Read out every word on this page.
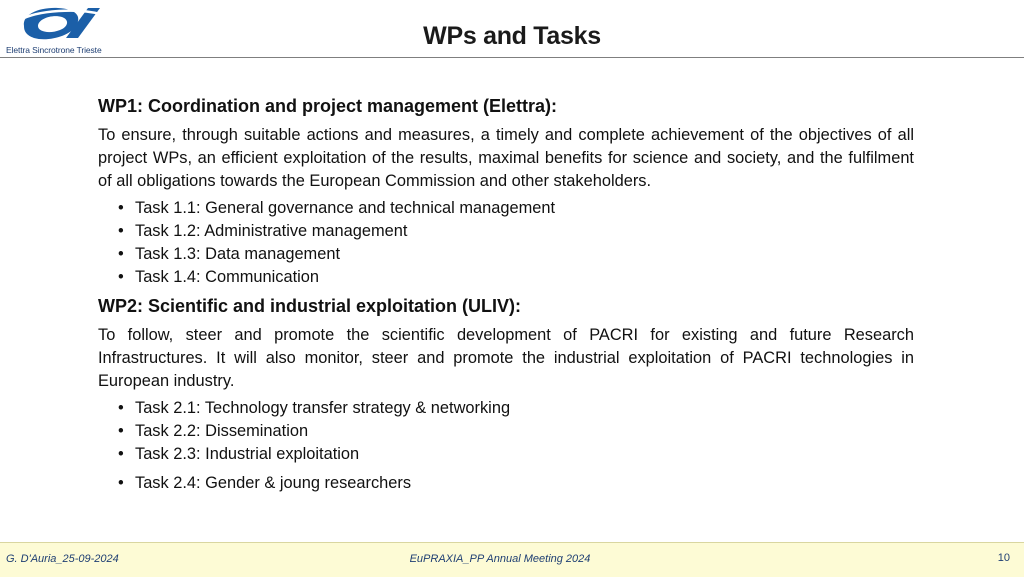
Elettra Sincrotrone Trieste	WPs and Tasks
WP1: Coordination and project management (Elettra):
To ensure, through suitable actions and measures, a timely and complete achievement of the objectives of all project WPs, an efficient exploitation of the results, maximal benefits for science and society, and the fulfilment of all obligations towards the European Commission and other stakeholders.
• Task 1.1: General governance and technical management
• Task 1.2: Administrative management
• Task 1.3: Data management
• Task 1.4: Communication
WP2: Scientific and industrial exploitation (ULIV):
To follow, steer and promote the scientific development of PACRI for existing and future Research Infrastructures. It will also monitor, steer and promote the industrial exploitation of PACRI technologies in European industry.
• Task 2.1: Technology transfer strategy & networking
• Task 2.2: Dissemination
• Task 2.3: Industrial exploitation
• Task 2.4: Gender & joung researchers
G. D'Auria_25-09-2024	EuPRAXIA_PP Annual Meeting 2024	10
